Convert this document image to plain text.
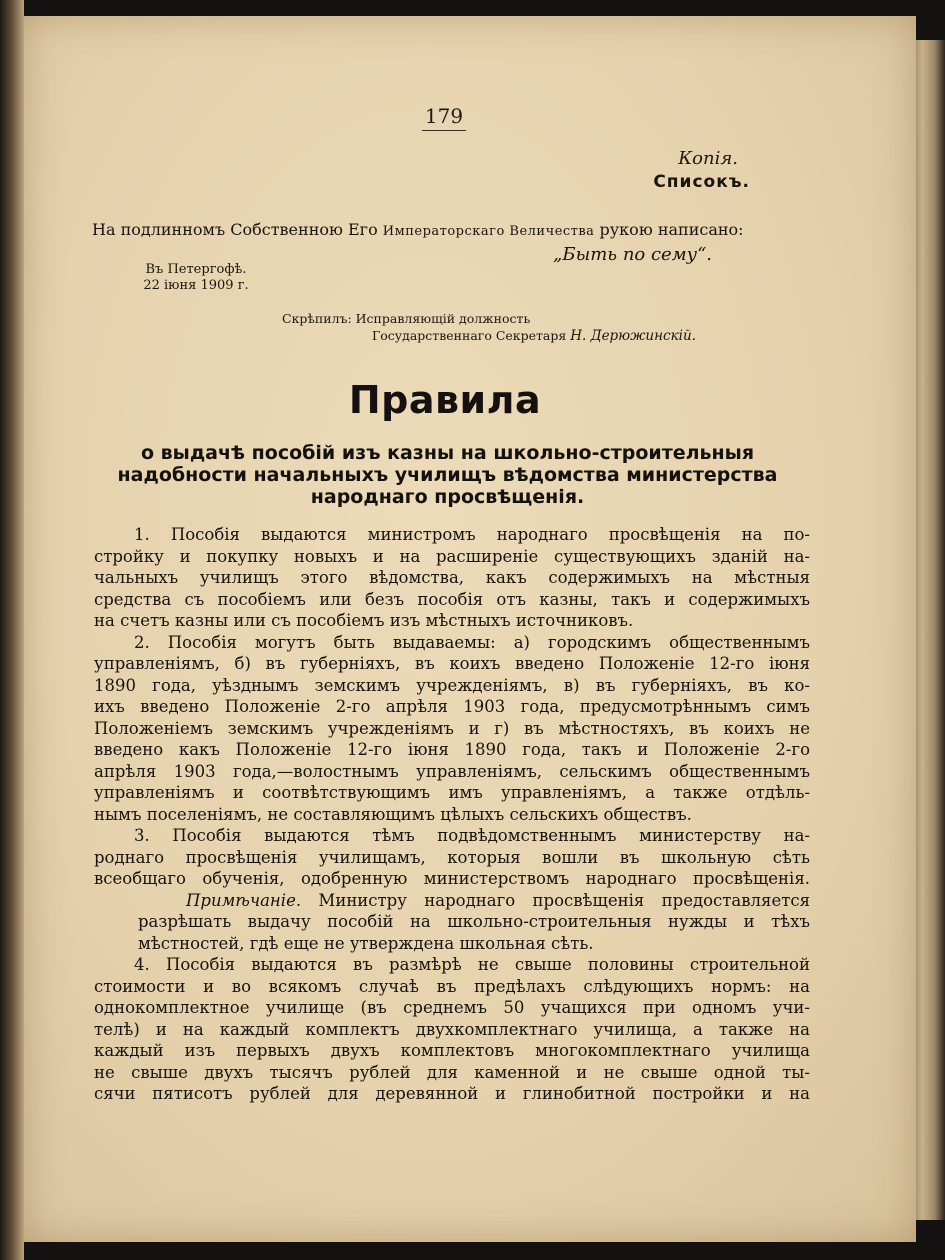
179
Копія.
Списокъ.
На подлинномъ Собственною Его Императорскаго Величества рукою написано:
„Быть по сему“.
Въ Петергофѣ.
22 іюня 1909 г.
Скрѣпилъ: Исправляющій должность
Государственнаго Секретаря Н. Дерюжинскій.
Правила
о выдачѣ пособій изъ казны на школьно-строительныя
надобности начальныхъ училищъ вѣдомства министерства
народнаго просвѣщенія.
1. Пособія выдаются министромъ народнаго просвѣщенія на по-
стройку и покупку новыхъ и на расширеніе существующихъ зданій на-
чальныхъ училищъ этого вѣдомства, какъ содержимыхъ на мѣстныя
средства съ пособіемъ или безъ пособія отъ казны, такъ и содержимыхъ
на счетъ казны или съ пособіемъ изъ мѣстныхъ источниковъ.
2. Пособія могутъ быть выдаваемы: а) городскимъ общественнымъ
управленіямъ, б) въ губерніяхъ, въ коихъ введено Положеніе 12-го іюня
1890 года, уѣзднымъ земскимъ учрежденіямъ, в) въ губерніяхъ, въ ко-
ихъ введено Положеніе 2-го апрѣля 1903 года, предусмотрѣннымъ симъ
Положеніемъ земскимъ учрежденіямъ и г) въ мѣстностяхъ, въ коихъ не
введено какъ Положеніе 12-го іюня 1890 года, такъ и Положеніе 2-го
апрѣля 1903 года,—волостнымъ управленіямъ, сельскимъ общественнымъ
управленіямъ и соотвѣтствующимъ имъ управленіямъ, а также отдѣль-
нымъ поселеніямъ, не составляющимъ цѣлыхъ сельскихъ обществъ.
3. Пособія выдаются тѣмъ подвѣдомственнымъ министерству на-
роднаго просвѣщенія училищамъ, которыя вошли въ школьную сѣть
всеобщаго обученія, одобренную министерствомъ народнаго просвѣщенія.
Примѣчаніе. Министру народнаго просвѣщенія предоставляется
разрѣшать выдачу пособій на школьно-строительныя нужды и тѣхъ
мѣстностей, гдѣ еще не утверждена школьная сѣть.
4. Пособія выдаются въ размѣрѣ не свыше половины строительной
стоимости и во всякомъ случаѣ въ предѣлахъ слѣдующихъ нормъ: на
однокомплектное училище (въ среднемъ 50 учащихся при одномъ учи-
телѣ) и на каждый комплектъ двухкомплектнаго училища, а также на
каждый изъ первыхъ двухъ комплектовъ многокомплектнаго училища
не свыше двухъ тысячъ рублей для каменной и не свыше одной ты-
сячи пятисотъ рублей для деревянной и глинобитной постройки и на
